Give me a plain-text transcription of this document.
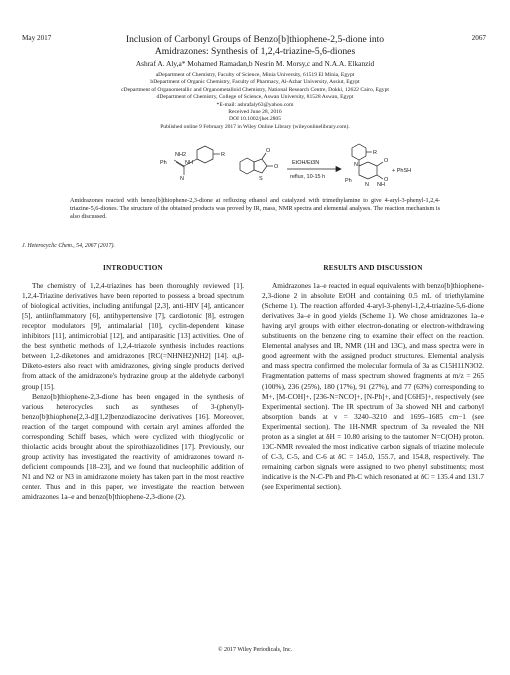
May 2017	2067
Inclusion of Carbonyl Groups of Benzo[b]thiophene-2,5-dione into
Amidrazones: Synthesis of 1,2,4-triazine-5,6-diones
Ashraf A. Aly,a* Mohamed Ramadan,b Nesrin M. Morsy,c and N.A.A. Elkanzid
aDepartment of Chemistry, Faculty of Science, Minia University, 61519 El Minia, Egypt
bDepartment of Organic Chemistry, Faculty of Pharmacy, Al-Azhar University, Assiut, Egypt
cDepartment of Organometallic and Organometalloid Chemistry, National Research Centre, Dokki, 12622 Cairo, Egypt
dDepartment of Chemistry, College of Science, Aswan University, 81528 Aswan, Egypt
*E-mail: ashrafaly63@yahoo.com
Received June 28, 2016
DOI 10.1002/jhet.2805
Published online 9 February 2017 in Wiley Online Library (wileyonlinelibrary.com).
NH2
NH
N
Ph
R
O
O
S
EtOH/Et3N
reflux, 10-15 h
Ph
N
N NH
O
O
R
+ PhSH
Amidrazones reacted with benzo[b]thiophene-2,3-dione at refluxing ethanol and catalyzed with trimethylamine to give 4-aryl-3-phenyl-1,2,4-triazine-5,6-diones. The structure of the obtained products was proved by IR, mass, NMR spectra and elemental analyses. The reaction mechanism is also discussed.
J. Heterocyclic Chem., 54, 2067 (2017).
INTRODUCTION

The chemistry of 1,2,4-triazines has been thoroughly reviewed [1]. 1,2,4-Triazine derivatives have been reported to possess a broad spectrum of biological activities, including antifungal [2,3], anti-HIV [4], anticancer [5], antiinflammatory [6], antihypertensive [7], cardiotonic [8], estrogen receptor modulators [9], antimalarial [10], cyclin-dependent kinase inhibitors [11], antimicrobial [12], and antiparasitic [13] activities. One of the best synthetic methods of 1,2,4-triazole synthesis includes reactions between 1,2-diketones and amidrazones [RC(=NHNH2)NH2] [14]. α,β-Diketo-esters also react with amidrazones, giving single products derived from attack of the amidrazone's hydrazine group at the aldehyde carbonyl group [15].

Benzo[b]thiophene-2,3-dione has been engaged in the synthesis of various heterocycles such as syntheses of 3-(phenyl)-benzo[b]thiophene[2,3-d][1,2]benzodiazocine derivatives [16]. Moreover, reaction of the target compound with certain aryl amines afforded the corresponding Schiff bases, which were cyclized with thioglycolic or thiolactic acids brought about the spirothiazolidines [17]. Previously, our group activity has investigated the reactivity of amidrazones toward π-deficient compounds [18–23], and we found that nucleophilic addition of N1 and N2 or N3 in amidrazone moiety has taken part in the most reactive center. Thus and in this paper, we investigate the reaction between amidrazones 1a–e and benzo[b]thiophene-2,3-dione (2).

RESULTS AND DISCUSSION

Amidrazones 1a–e reacted in equal equivalents with benzo[b]thiophene-2,3-dione 2 in absolute EtOH and containing 0.5 mL of triethylamine (Scheme 1). The reaction afforded 4-aryl-3-phenyl-1,2,4-triazine-5,6-dione derivatives 3a–e in good yields (Scheme 1). We chose amidrazones 1a–e having aryl groups with either electron-donating or electron-withdrawing substituents on the benzene ring to examine their effect on the reaction. Elemental analyses and IR, NMR (1H and 13C), and mass spectra were in good agreement with the assigned product structures. Elemental analysis and mass spectra confirmed the molecular formula of 3a as C15H11N3O2. Fragmentation patterns of mass spectrum showed fragments at m/z = 265 (100%), 236 (25%), 180 (17%), 91 (27%), and 77 (63%) corresponding to M+, [M-COH]+, [236-N=NCO]+, [N-Ph]+, and [C6H5]+, respectively (see Experimental section). The IR spectrum of 3a showed NH and carbonyl absorption bands at ν = 3240–3210 and 1695–1685 cm−1 (see Experimental section). The 1H-NMR spectrum of 3a revealed the NH proton as a singlet at δH = 10.80 arising to the tautomer N=C(OH) proton. 13C-NMR revealed the most indicative carbon signals of triazine molecule of C-3, C-5, and C-6 at δC = 145.0, 155.7, and 154.8, respectively. The remaining carbon signals were assigned to two phenyl substituents; most indicative is the N-C-Ph and Ph-C which resonated at δC = 135.4 and 131.7 (see Experimental section).

© 2017 Wiley Periodicals, Inc.
